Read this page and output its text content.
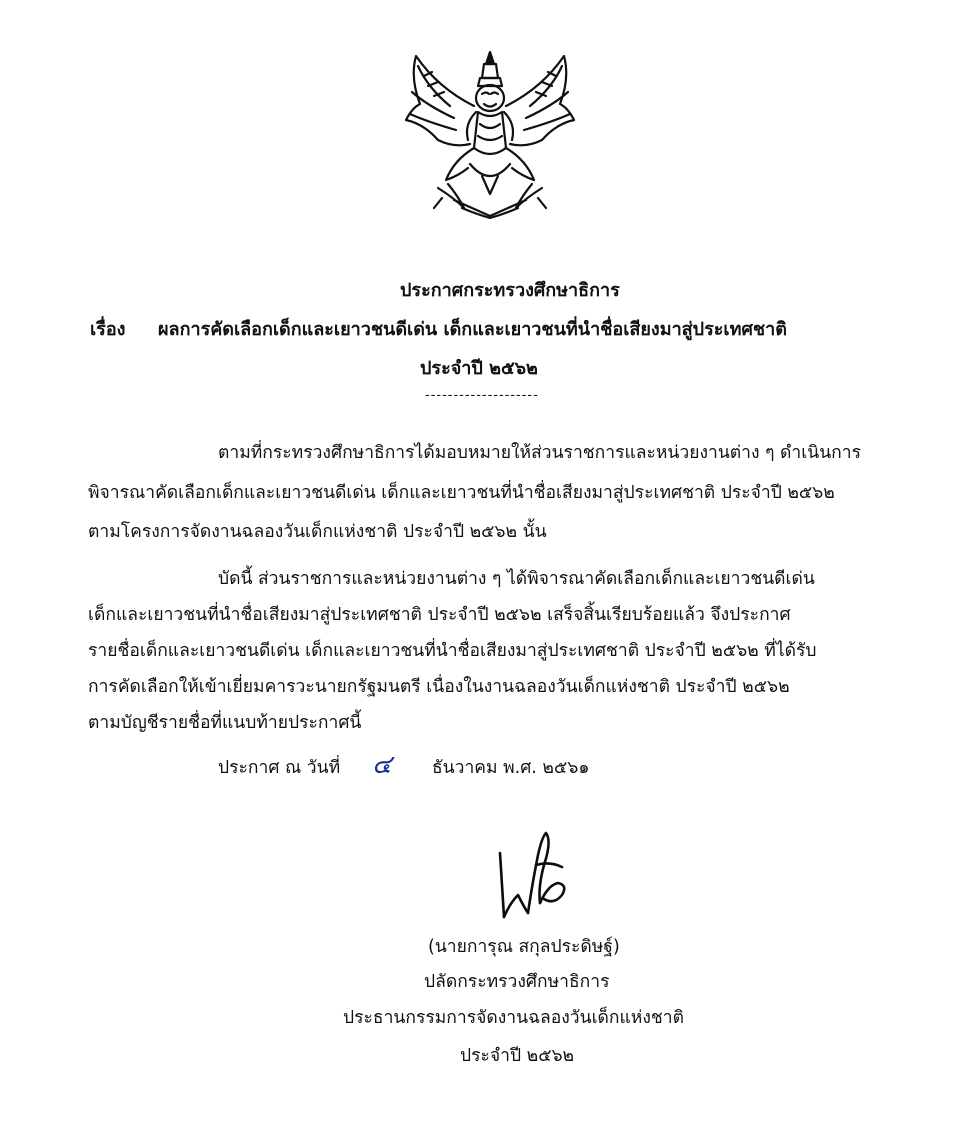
ประกาศกระทรวงศึกษาธิการ
เรื่อง ผลการคัดเลือกเด็กและเยาวชนดีเด่น เด็กและเยาวชนที่นำชื่อเสียงมาสู่ประเทศชาติ
ประจำปี ๒๕๖๒
--------------------
ตามที่กระทรวงศึกษาธิการได้มอบหมายให้ส่วนราชการและหน่วยงานต่าง ๆ ดำเนินการ
พิจารณาคัดเลือกเด็กและเยาวชนดีเด่น เด็กและเยาวชนที่นำชื่อเสียงมาสู่ประเทศชาติ ประจำปี ๒๕๖๒
ตามโครงการจัดงานฉลองวันเด็กแห่งชาติ ประจำปี ๒๕๖๒ นั้น
บัดนี้ ส่วนราชการและหน่วยงานต่าง ๆ ได้พิจารณาคัดเลือกเด็กและเยาวชนดีเด่น
เด็กและเยาวชนที่นำชื่อเสียงมาสู่ประเทศชาติ ประจำปี ๒๕๖๒ เสร็จสิ้นเรียบร้อยแล้ว จึงประกาศ
รายชื่อเด็กและเยาวชนดีเด่น เด็กและเยาวชนที่นำชื่อเสียงมาสู่ประเทศชาติ ประจำปี ๒๕๖๒ ที่ได้รับ
การคัดเลือกให้เข้าเยี่ยมคารวะนายกรัฐมนตรี เนื่องในงานฉลองวันเด็กแห่งชาติ ประจำปี ๒๕๖๒
ตามบัญชีรายชื่อที่แนบท้ายประกาศนี้
ประกาศ ณ วันที่ ๔ ธันวาคม พ.ศ. ๒๕๖๑
(นายการุณ สกุลประดิษฐ์)
ปลัดกระทรวงศึกษาธิการ
ประธานกรรมการจัดงานฉลองวันเด็กแห่งชาติ
ประจำปี ๒๕๖๒
